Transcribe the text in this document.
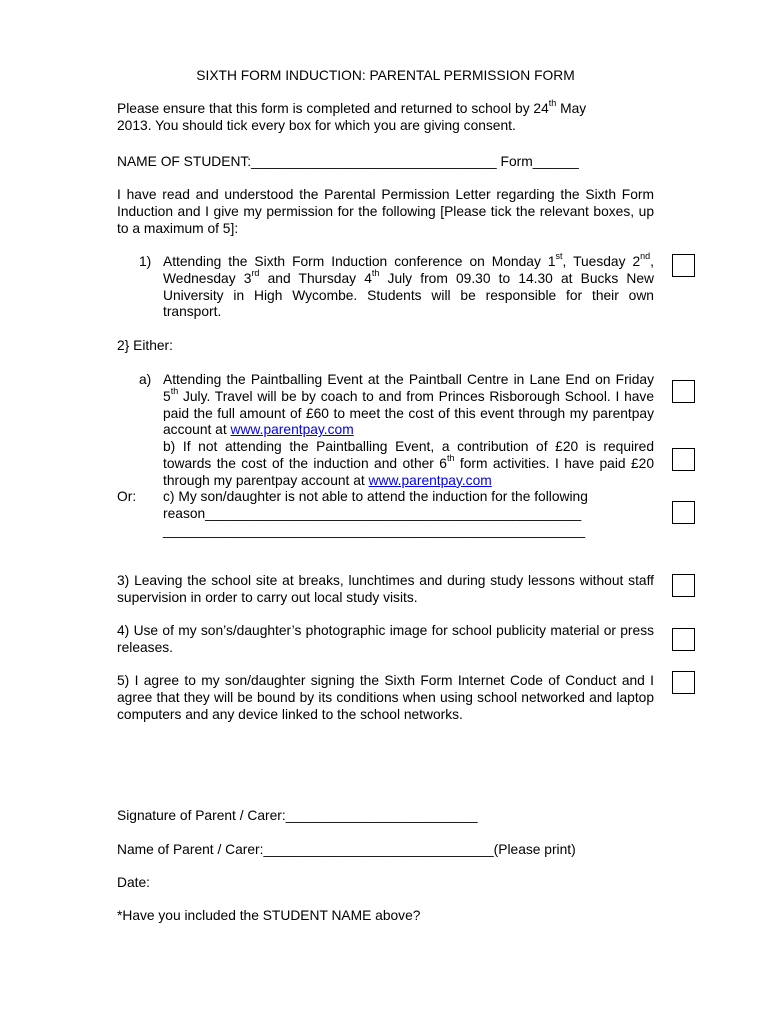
SIXTH FORM INDUCTION: PARENTAL PERMISSION FORM
Please ensure that this form is completed and returned to school by 24th May
2013. You should tick every box for which you are giving consent.
NAME OF STUDENT:________________________________ Form______
I have read and understood the Parental Permission Letter regarding the Sixth Form Induction and I give my permission for the following [Please tick the relevant boxes, up to a maximum of 5]:
1) Attending the Sixth Form Induction conference on Monday 1st, Tuesday 2nd, Wednesday 3rd and Thursday 4th July from 09.30 to 14.30 at Bucks New University in High Wycombe. Students will be responsible for their own transport.
2} Either:
a) Attending the Paintballing Event at the Paintball Centre in Lane End on Friday 5th July. Travel will be by coach to and from Princes Risborough School. I have paid the full amount of £60 to meet the cost of this event through my parentpay account at www.parentpay.com
b) If not attending the Paintballing Event, a contribution of £20 is required towards the cost of the induction and other 6th form activities. I have paid £20 through my parentpay account at www.parentpay.com
Or: c) My son/daughter is not able to attend the induction for the following
reason_________________________________________________
_______________________________________________________
3) Leaving the school site at breaks, lunchtimes and during study lessons without staff supervision in order to carry out local study visits.
4) Use of my son’s/daughter’s photographic image for school publicity material or press releases.
5) I agree to my son/daughter signing the Sixth Form Internet Code of Conduct and I agree that they will be bound by its conditions when using school networked and laptop computers and any device linked to the school networks.
Signature of Parent / Carer:_________________________
Name of Parent / Carer:______________________________(Please print)
Date:
*Have you included the STUDENT NAME above?
